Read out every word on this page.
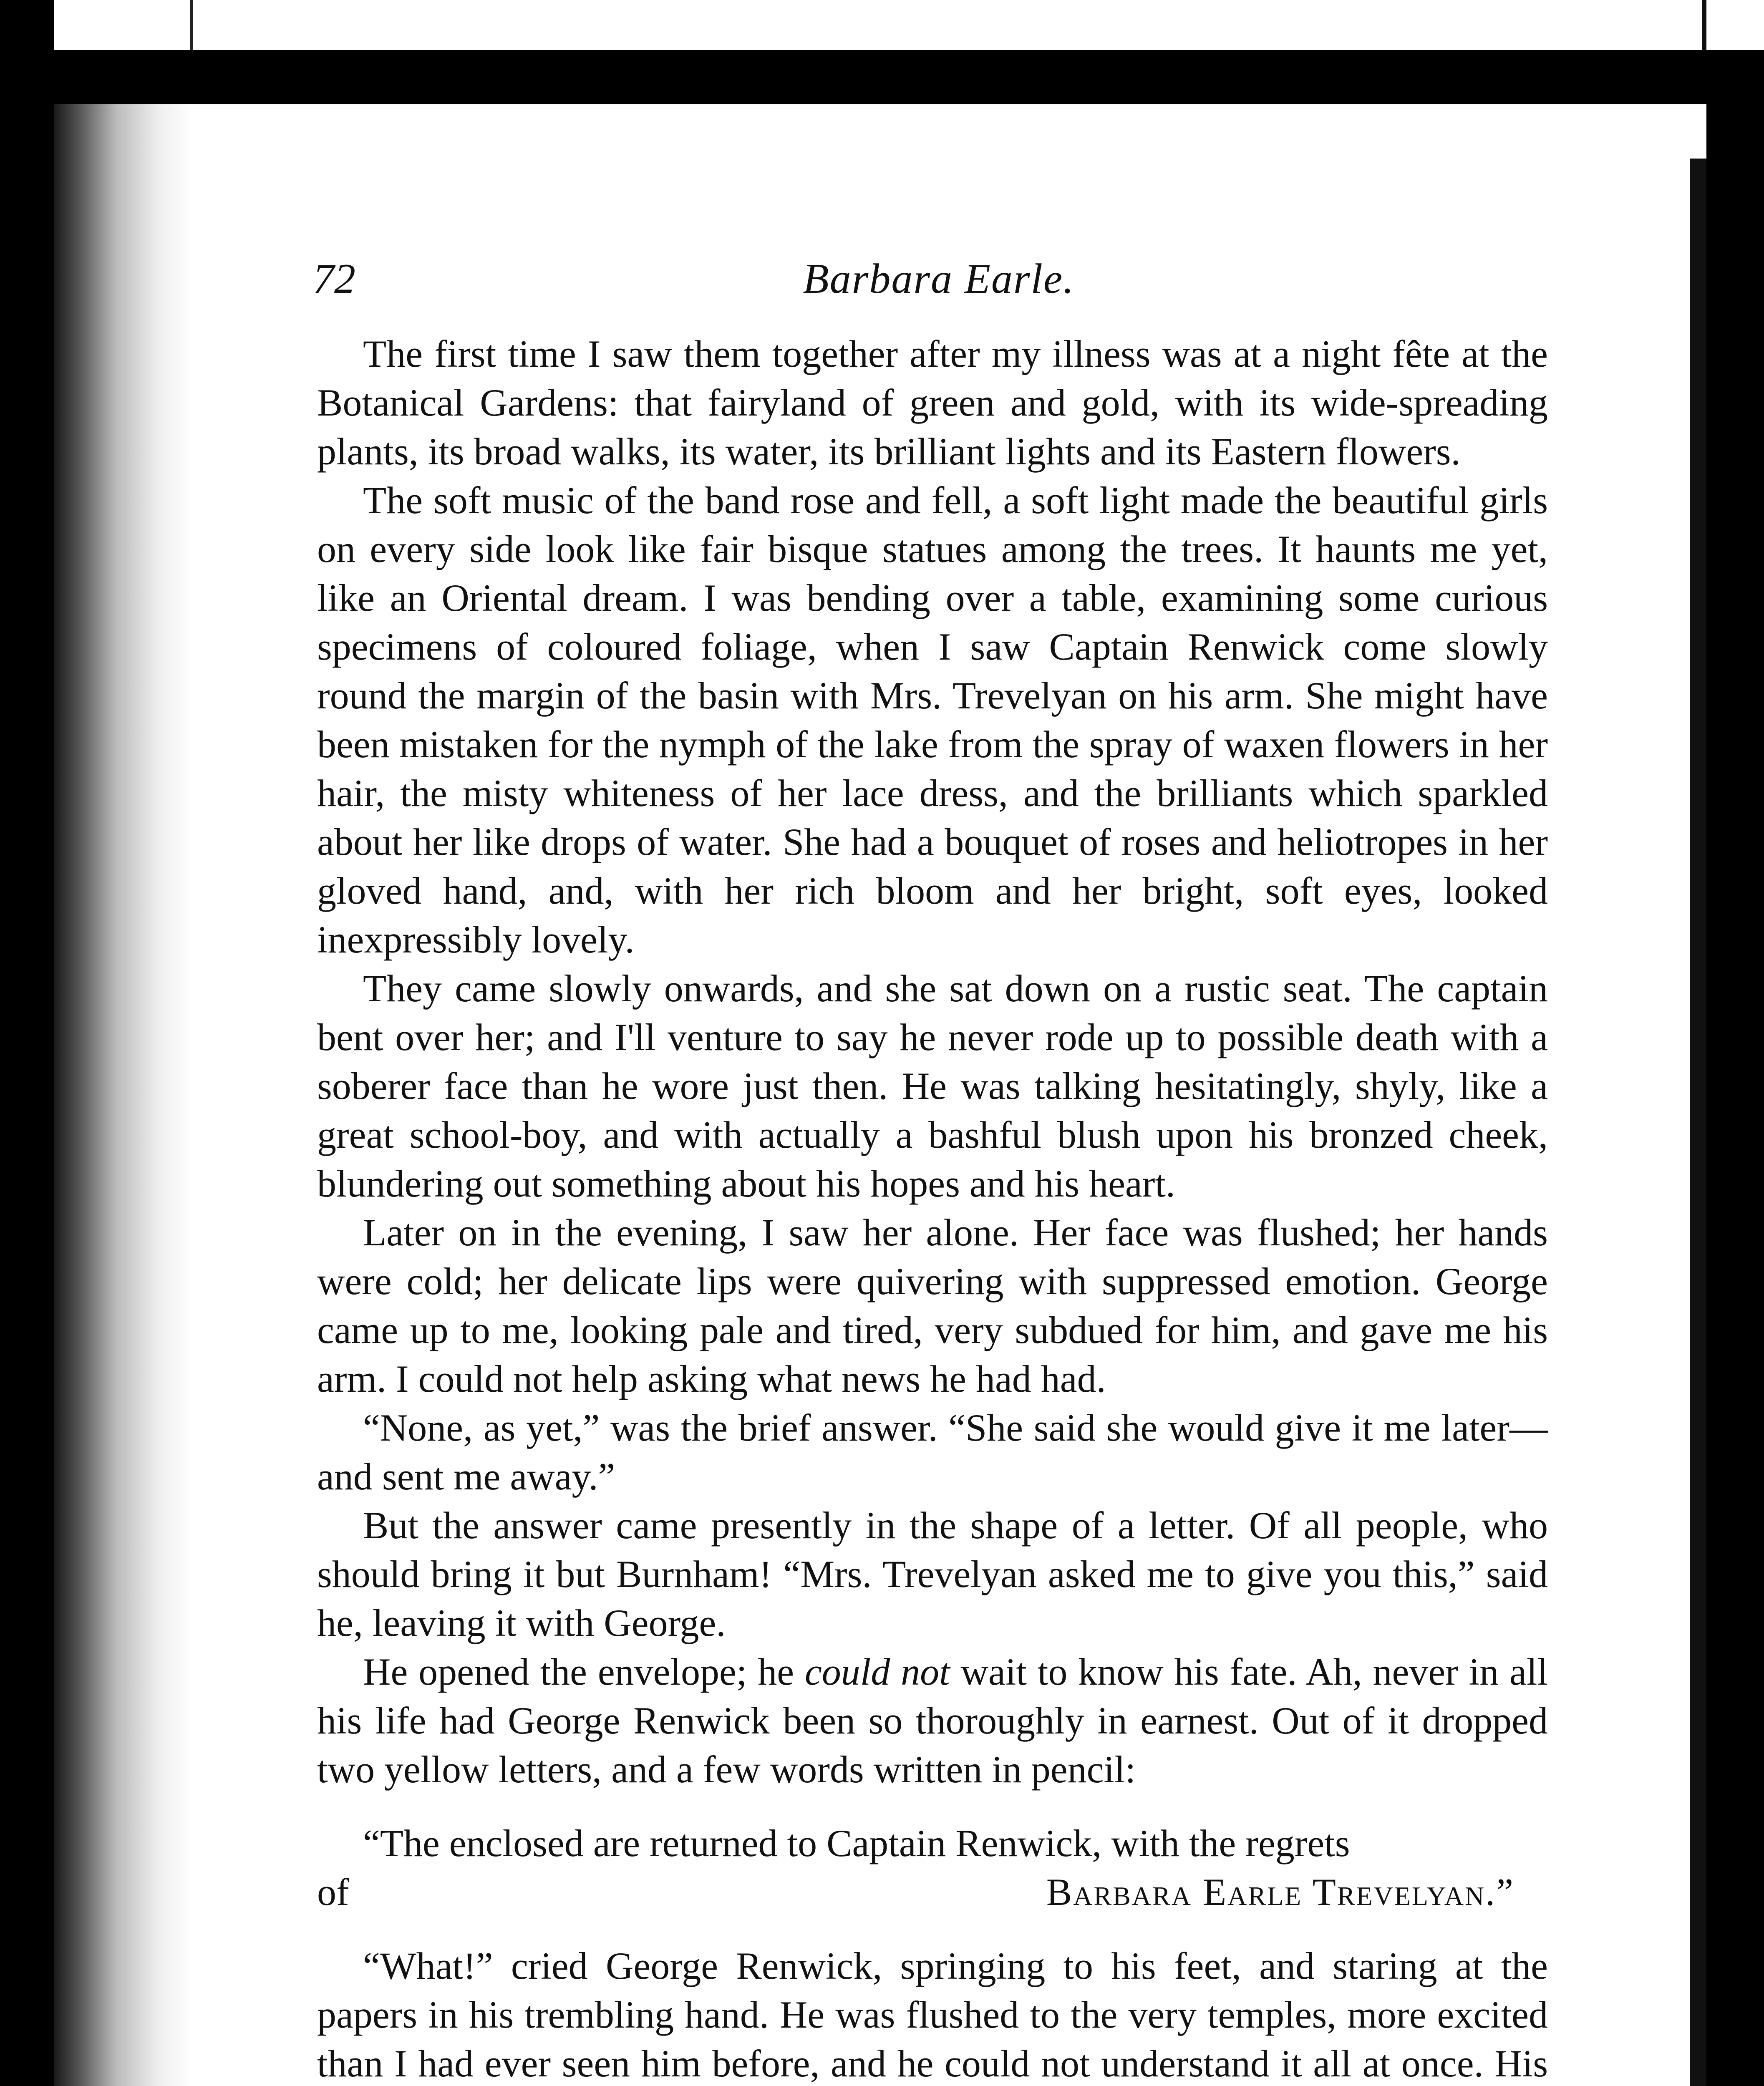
72	Barbara Earle.

The first time I saw them together after my illness was at a night fête at the Botanical Gardens: that fairyland of green and gold, with its wide-spreading plants, its broad walks, its water, its brilliant lights and its Eastern flowers.

The soft music of the band rose and fell, a soft light made the beautiful girls on every side look like fair bisque statues among the trees. It haunts me yet, like an Oriental dream. I was bending over a table, examining some curious specimens of coloured foliage, when I saw Captain Renwick come slowly round the margin of the basin with Mrs. Trevelyan on his arm. She might have been mistaken for the nymph of the lake from the spray of waxen flowers in her hair, the misty whiteness of her lace dress, and the brilliants which sparkled about her like drops of water. She had a bouquet of roses and heliotropes in her gloved hand, and, with her rich bloom and her bright, soft eyes, looked inexpressibly lovely.

They came slowly onwards, and she sat down on a rustic seat. The captain bent over her; and I'll venture to say he never rode up to possible death with a soberer face than he wore just then. He was talking hesitatingly, shyly, like a great school-boy, and with actually a bashful blush upon his bronzed cheek, blundering out something about his hopes and his heart.

Later on in the evening, I saw her alone. Her face was flushed; her hands were cold; her delicate lips were quivering with suppressed emotion. George came up to me, looking pale and tired, very subdued for him, and gave me his arm. I could not help asking what news he had had.

“None, as yet,” was the brief answer. “She said she would give it me later—and sent me away.”

But the answer came presently in the shape of a letter. Of all people, who should bring it but Burnham! “Mrs. Trevelyan asked me to give you this,” said he, leaving it with George.

He opened the envelope; he could not wait to know his fate. Ah, never in all his life had George Renwick been so thoroughly in earnest. Out of it dropped two yellow letters, and a few words written in pencil:

“The enclosed are returned to Captain Renwick, with the regrets

of	Barbara Earle Trevelyan.”

“What!” cried George Renwick, springing to his feet, and staring at the papers in his trembling hand. He was flushed to the very temples, more excited than I had ever seen him before, and he could not understand it all at once. His
